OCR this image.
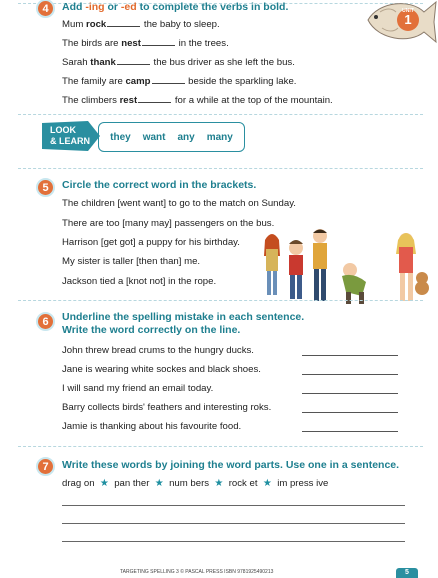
UNIT
1
4	Add -ing or -ed to complete the verbs in bold.
Mum rock	the baby to sleep.
The birds are nest	in the trees.
Sarah thank	the bus driver as she left the bus.
The family are camp	beside the sparkling lake.
The climbers rest	for a while at the top of the mountain.
LOOK
& LEARN they want any many
5	Circle the correct word in the brackets.
The children [went want] to go to the match on Sunday.
There are too [many may] passengers on the bus.
Harrison [get got] a puppy for his birthday.
My sister is taller [then than] me.
Jackson tied a [knot not] in the rope.
6	Underline the spelling mistake in each sentence.
Write the word correctly on the line.
John threw bread crums to the hungry ducks.
Jane is wearing white sockes and black shoes.
I will sand my friend an email today.
Barry collects birds' feathers and interesting roks.
Jamie is thanking about his favourite food.
7	Write these words by joining the word parts. Use one in a sentence.
drag on ★ pan ther ★ num bers ★ rock et ★ im press ive
TARGETING SPELLING 3 © PASCAL PRESS ISBN 9781925490213	5
